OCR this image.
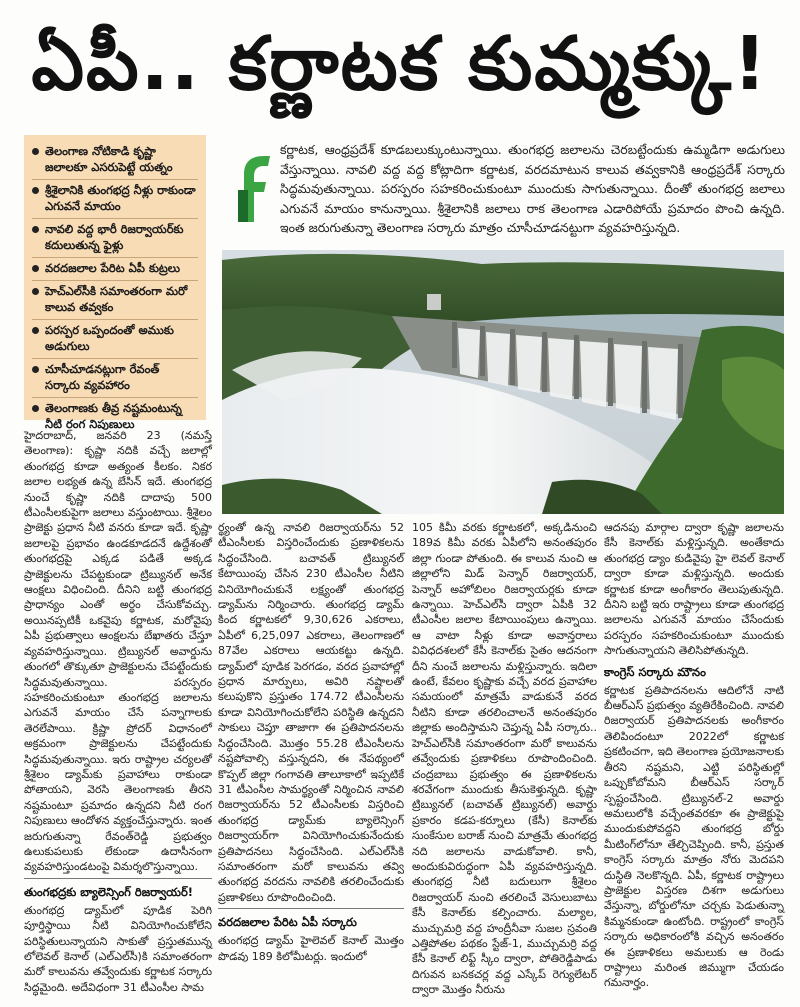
ఏపీ.. కర్ణాటక కుమ్మక్కు!
తెలంగాణ నోటికాడి కృష్ణా జలాలకూ ఎసరుపెట్టే యత్నం
శ్రీశైలానికి తుంగభద్ర నీళ్లు రాకుండా ఎగువనే మాయం
నావలి వద్ద భారీ రిజర్వాయర్‌కు కదులుతున్న ఫైళ్లు
వరదజలాల పేరిట ఏపీ కుట్రలు
హెచ్‌ఎల్‌సీకి సమాంతరంగా మరో కాలువ తవ్వకం
పరస్పర ఒప్పందంతో అముకు అడుగులు
చూసీచూడనట్లుగా రేవంత్ సర్కారు వ్యవహారం
తెలంగాణకు తీవ్ర నష్టమంటున్న నీటి రంగ నిపుణులు
కర్ణాటక, ఆంధ్రప్రదేశ్ కూడబలుక్కుంటున్నాయి. తుంగభద్ర జలాలను చెరబట్టేందుకు ఉమ్మడిగా అడుగులు వేస్తున్నాయి. నావలి వద్ద వద్ద కోట్లాదిగా కర్ణాటక, వరదమాటున కాలువ తవ్వకానికి ఆంధ్రప్రదేశ్ సర్కారు సిద్ధమవుతున్నాయి. పరస్పరం సహకరించుకుంటూ ముందుకు సాగుతున్నాయి. దీంతో తుంగభద్ర జలాలు ఎగువనే మాయం కానున్నాయి. శ్రీశైలానికి జలాలు రాక తెలంగాణ ఎడారిపోయే ప్రమాదం పొంచి ఉన్నది. ఇంత జరుగుతున్నా తెలంగాణ సర్కారు మాత్రం చూసీచూడనట్టుగా వ్యవహరిస్తున్నది.

హైదరాబాద్, జనవరి 23 (నమస్తే తెలంగాణ): కృష్ణా నదికి వచ్చే జలాల్లో తుంగభద్ర కూడా అత్యంత కీలకం. నికర జలాల లభ్యత ఉన్న బేసిన్ ఇదే. తుంగభద్ర నుంచే కృష్ణా నదికి దాదాపు 500 టీఎంసీలకుపైగా జలాలు వస్తుంటాయి. శ్రీశైలం ప్రాజెక్టు ప్రధాన నీటి వనరు కూడా ఇదే. కృష్ణా జలాలపై ప్రభావం ఉండకూడదనే ఉద్దేశంతో తుంగభద్రపై ఎక్కడ పడితే అక్కడ ప్రాజెక్టులను చేపట్టకుండా ట్రిబ్యునల్ అనేక ఆంక్షలు విధించింది. దీనిని బట్టి తుంగభద్ర ప్రాధాన్యం ఎంతో అర్థం చేసుకోవచ్చు. అయినప్పటికీ ఒకవైపు కర్ణాటక, మరోవైపు ఏపీ ప్రభుత్వాలు ఆంక్షలను బేఖాతరు చేస్తూ వ్యవహరిస్తున్నాయి. ట్రిబ్యునల్ అవార్డును తుంగలో తొక్కుతూ ప్రాజెక్టులను చేపట్టేందుకు సిద్ధమవుతున్నాయి. పరస్పరం సహకరించుకుంటూ తుంగభద్ర జలాలను ఎగువనే మాయం చేసే పన్నాగాలకు తెరలేపాయి. క్రిష్ణా ప్రోదర్ విధానంలో అక్రమంగా ప్రాజెక్టులను చేపట్టేందుకు సిద్ధమవుతున్నాయి. ఇరు రాష్ట్రాల చర్యలతో శ్రీశైలం డ్యామ్‌కు ప్రవాహాలు రాకుండా పోతాయని, వెరసి తెలంగాణకు తీరని నష్టమంటూ ప్రమాదం ఉన్నదని నీటి రంగ నిపుణులు ఆందోళన వ్యక్తంచేస్తున్నారు. ఇంత జరుగుతున్నా రేవంత్‌రెడ్డి ప్రభుత్వం ఉలుకుపలుకు లేకుండా ఉదాసీనంగా వ్యవహరిస్తుండటంపై విమర్శలొస్తున్నాయి.

తుంగభద్రకు బ్యాలెన్సింగ్ రిజర్వాయర్!

తుంగభద్ర డ్యామ్‌లో పూడిక పెరిగి పూర్తిస్థాయి నీటి వినియోగించుకోలేని పరిస్థితులున్నాయని సాకుతో ప్రస్తుతమున్న లోలెవల్ కెనాల్ (ఎల్‌ఎల్‌సీ)కి సమాంతరంగా మరో కాలువను తవ్వేందుకు కర్ణాటక సర్కారు సిద్ధమైంది. అదేవిధంగా 31 టీఎంసీల సామ

ర్థ్యంతో ఉన్న నావలి రిజర్వాయర్‌ను 52 టీఎంసీలకు విస్తరించేందుకు ప్రణాళికలను సిద్ధంచేసింది. బచావత్ ట్రిబ్యునల్ కేటాయింపు చేసిన 230 టీఎంసీల నీటిని వినియోగించుకునే లక్ష్యంతో తుంగభద్ర డ్యామ్‌ను నిర్మించారు. తుంగభద్ర డ్యామ్ కింద కర్ణాటకలో 9,30,626 ఎకరాలు, ఏపీలో 6,25,097 ఎకరాలు, తెలంగాణలో 87వేల ఎకరాలు ఆయకట్టు ఉన్నది. డ్యామ్‌లో పూడిక పెరగడం, వరద ప్రవాహాల్లో ప్రధాన మార్పులు, అవిరి నష్టాలతో కలుపుకొని ప్రస్తుతం 174.72 టీఎంసీలను కూడా వినియోగించుకోలేని పరిస్థితి ఉన్నదని సాకులు చెప్తూ తాజాగా ఈ ప్రతిపాదనలను సిద్ధంచేసింది. మొత్తం 55.28 టీఎంసీలను నష్టపోవాల్సి వస్తున్నదని, ఈ నేపథ్యంలో కొప్పల్ జిల్లా గంగావతి తాలూకాలో ఇప్పటికే 31 టీఎంసీల సామర్థ్యంతో నిర్మించిన నావలి రిజర్వాయర్‌ను 52 టీఎంసీలకు విస్తరించి తుంగభద్ర డ్యామ్‌కు బ్యాలెన్సింగ్ రిజర్వాయర్‌గా వినియోగించుకునేందుకు ప్రతిపాదనలు సిద్ధంచేసింది. ఎల్‌ఎల్‌సీకి సమాంతరంగా మరో కాలువను తవ్వి తుంగభద్ర వరదను నావలికి తరలించేందుకు ప్రణాళికలు రూపొందించింది.

వరదజలాల పేరిట ఏపీ సర్కారు

తుంగభద్ర డ్యామ్ హైలెవల్ కెనాల్ మొత్తం పొడవు 189 కిలోమీటర్లు. ఇందులో

105 కిమీ వరకు కర్ణాటకలో, అక్కడినుంచి 189వ కిమీ వరకు ఏపీలోని అనంతపురం జిల్లా గుండా పోతుంది. ఈ కాలువ నుంచి ఆ జిల్లాలోని మిడ్ పెన్నార్ రిజర్వాయర్, పెన్నార్ అహోబిలం రిజర్వాయర్లకు కూడా ఉన్నాయి. హెచ్‌ఎల్‌సీ ద్వారా ఏపీకి 32 టీఎంసీల జలాల కేటాయింపులు ఉన్నాయి. ఆ వాటా నీళ్లు కూడా అవాన్తరాలు వివిధదశలలో కేసీ కెనాల్‌కు సైతం ఆదనంగా దీని నుంచే జలాలను మళ్లిస్తున్నారు. ఇదిలా ఉంటే, కేవలం కృష్ణాకు వచ్చే వరద ప్రవాహాల సమయంలో మాత్రమే వాడుకునే వరద నీటిని కూడా తరలించాలనే అనంతపురం జిల్లాకు అందిస్తామని చెప్తున్న ఏపీ సర్కారు.. హెచ్‌ఎల్‌సీకి సమాంతరంగా మరో కాలువను తవ్వేందుకు ప్రణాళికలు రూపొందించింది. చంద్రబాబు ప్రభుత్వం ఈ ప్రణాళికలను శరవేగంగా ముందుకు తీసుకెళ్తున్నది. కృష్ణా ట్రిబ్యునల్ (బచావత్ ట్రిబ్యునల్) అవార్డు ప్రకారం కడప-కర్నూలు (కేసీ) కెనాల్‌కు సుంకేసుల బరాజ్ నుంచి మాత్రమే తుంగభద్ర నది జలాలను వాడుకోవాలి. కానీ, అందుకువిరుద్ధంగా ఏపీ వ్యవహరిస్తున్నది. తుంగభద్ర నీటి బదులుగా శ్రీశైలం రిజర్వాయర్ నుంచి తరలించే వెసులుబాటు కేసీ కెనాల్‌కు కల్పించారు. మల్యాల, ముచ్చుమర్రి వద్ద హంద్రీనీవా సుజల స్రవంతి ఎత్తిపోతల పథకం స్టేజ్-1, ముచ్చుమర్రి వద్ద కేసీ కెనాల్ లిఫ్ట్ స్కీం ద్వారా, పోతిరెడ్డిపాడు దిగువన బనకచర్ల వద్ద ఎస్కేప్ రెగ్యులేటర్ ద్వారా మొత్తం నీరును

ఆదనపు మార్గాల ద్వారా కృష్ణా జలాలను కేసీ కెనాల్‌కు మళ్లిస్తున్నది. అంతేకాదు తుంగభద్ర డ్యాం కుడివైపు హై లెవల్ కెనాల్ ద్వారా కూడా మళ్లిస్తున్నది. అందుకు కర్ణాటక కూడా అంగీకారం తెలుపుతున్నది. దీనిని బట్టి ఇరు రాష్ట్రాలు కూడా తుంగభద్ర జలాలను ఎగువనే మాయం చేసేందుకు పరస్పరం సహకరించుకుంటూ ముందుకు సాగుతున్నాయని తెలిసిపోతున్నది.

కాంగ్రెస్ సర్కారు మౌనం

కర్ణాటక ప్రతిపాదనలను ఆదిలోనే నాటి బీఆర్‌ఎస్ ప్రభుత్వం వ్యతిరేకించింది. నావలి రిజర్వాయర్ ప్రతిపాదనలకు అంగీకారం తెలిపిందంటూ 2022లో కర్ణాటక ప్రకటించగా, ఇది తెలంగాణ ప్రయోజనాలకు తీరని నష్టమని, ఎట్టి పరిస్థితుల్లో ఒప్పుకోబోమని బీఆర్‌ఎస్ సర్కార్ స్పష్టంచేసింది. ట్రిబ్యునల్-2 అవార్డు అమలులోకి వచ్చేంతవరకూ ఈ ప్రాజెక్టుపై ముందుకుపోవద్దని తుంగభద్ర బోర్డు మీటింగ్‌లోనూ తేల్చిచెప్పింది. కానీ, ప్రస్తుత కాంగ్రెస్ సర్కారు మాత్రం నోరు మెదపని దుస్థితి నెలకొన్నది. ఏపీ, కర్ణాటక రాష్ట్రాలు ప్రాజెక్టుల విస్తరణ దిశగా అడుగులు వేస్తున్నా, బోర్డులోనూ చర్చకు పెడుతున్నా కిమ్మనకుండా ఉంటోంది. రాష్ట్రంలో కాంగ్రెస్ సర్కారు అధికారంలోకి వచ్చిన అనంతరం ఈ ప్రణాళికలు అమలుకు ఆ రెండు రాష్ట్రాలు మరింత జిమ్ముగా చేయడం గమనార్హం.
